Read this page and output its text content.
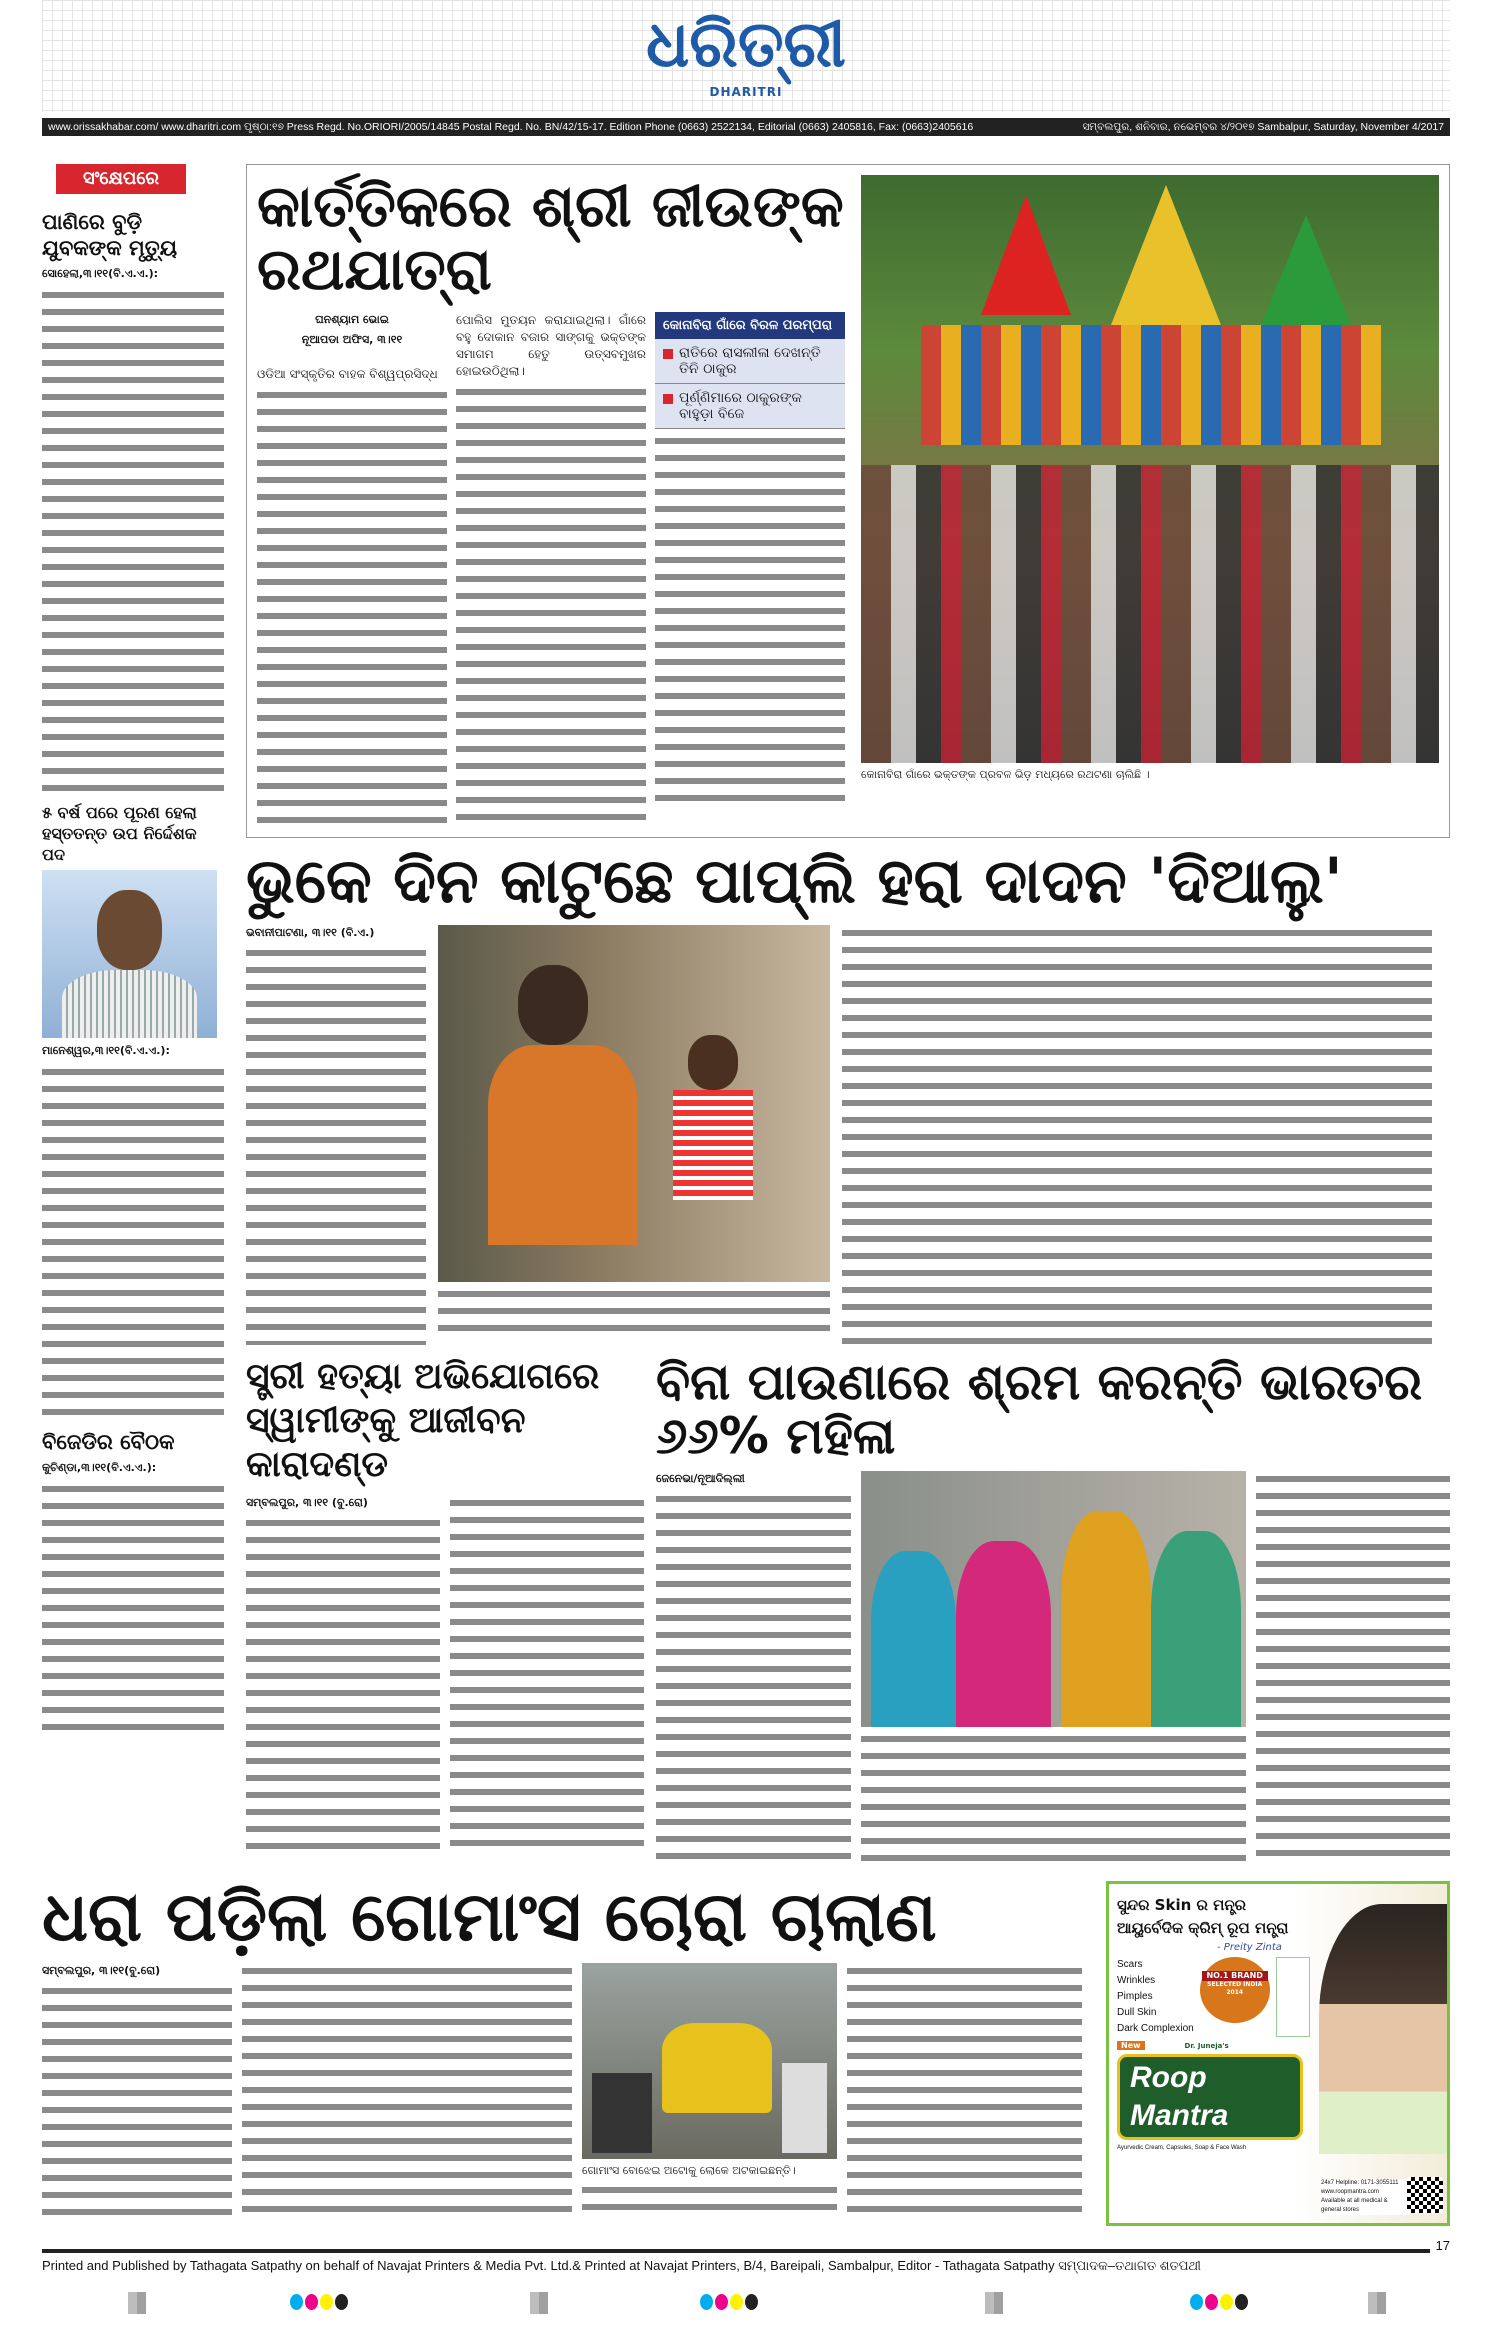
ଧରିତ୍ରୀ
DHARITRI
www.orissakhabar.com/ www.dharitri.com ପୃଷ୍ଠା:୧୭ Press Regd. No.ORIORI/2005/14845 Postal Regd. No. BN/42/15-17. Edition Phone (0663) 2522134, Editorial (0663) 2405816, Fax: (0663)2405616	ସମ୍ବଲପୁର, ଶନିବାର, ନଭେମ୍ବର ୪/୨୦୧୭ Sambalpur, Saturday, November 4/2017
ସଂକ୍ଷେପରେ
ପାଣିରେ ବୁଡ଼ି ଯୁବକଙ୍କ ମୃତ୍ୟୁ
ସୋହେଲା,୩।୧୧(ବି.ଏ.ଏ.):
୫ ବର୍ଷ ପରେ ପୂରଣ ହେଲା ହସ୍ତତନ୍ତ ଉପ ନିର୍ଦ୍ଦେଶକ ପଦ
ମାନେଶ୍ୱର,୩।୧୧(ବି.ଏ.ଏ.):
ବିଜେଡିର ବୈଠକ
କୁଚିଣ୍ଡା,୩।୧୧(ବି.ଏ.ଏ.):
କାର୍ତ୍ତିକରେ ଶ୍ରୀ ଜୀଉଙ୍କ ରଥଯାତ୍ରା
ଘନଶ୍ୟାମ ଭୋଇ
ନୂଆପଡା ଅଫିସ, ୩।୧୧
ଓଡିଆ ସଂସ୍କୃତିର ବାହକ ବିଶ୍ୱପ୍ରସିଦ୍ଧ
ପୋଲିସ ମୁତୟନ କରାଯାଇଥିଲା। ଗାଁରେ ବହୁ ଦୋକାନ ବଜାର ସାଙ୍ଗକୁ ଭକ୍ତଙ୍କ ସମାଗମ ହେତୁ ଉତ୍ସବମୁଖର ହୋଇଉଠିଥିଲା।
କୋନାବିରା ଗାଁରେ ବିରଳ ପରମ୍ପରା
ରାତିରେ ରାସଲୀଳା ଦେଖନ୍ତି ତିନି ଠାକୁର
ପୂର୍ଣ୍ଣିମାରେ ଠାକୁରଙ୍କ ବାହୁଡ଼ା ବିଜେ
କୋନାବିରା ଗାଁରେ ଭକ୍ତଙ୍କ ପ୍ରବଳ ଭିଡ଼ ମଧ୍ୟରେ ରଥଟଣା ଚାଲିଛି ।
ଭୁକେ ଦିନ କାଟୁଛେ ପାପ୍‌ଲି ହରା ଦାଦନ 'ଦିଆଲୁ'
ଭବାନୀପାଟଣା, ୩।୧୧ (ବି.ଏ.)
ସ୍ତ୍ରୀ ହତ୍ୟା ଅଭିଯୋଗରେ
ସ୍ୱାମୀଙ୍କୁ ଆଜୀବନ କାରାଦଣ୍ଡ
ସମ୍ବଲପୁର, ୩।୧୧ (ବୁ.ରୋ)
ବିନା ପାଉଣାରେ ଶ୍ରମ କରନ୍ତି ଭାରତର ୬୬% ମହିଳା
ଜେନେଭା/ନୂଆଦିଲ୍ଲୀ
ଧରା ପଡ଼ିଲା ଗୋମାଂସ ଚୋରା ଚାଲାଣ
ସମ୍ବଲପୁର, ୩।୧୧(ବୁ.ରୋ)
ଗୋମାଂସ ବୋଝେଇ ଅଟୋକୁ ଲୋକେ ଅଟକାଇଛନ୍ତି।
ସୁନ୍ଦର Skin ର ମନ୍ତ୍ର
ଆୟୁର୍ବେଦିକ କ୍ରିମ୍ ରୂପ ମନ୍ତ୍ରା
- Preity Zinta
Scars
Wrinkles
Pimples
Dull Skin
Dark Complexion
NO.1 BRAND
SELECTED INDIA 2014
New	Dr. Juneja's
Roop
Mantra
Ayurvedic Cream, Capsules, Soap & Face Wash
24x7 Helpline: 0171-3055111
www.roopmantra.com
Available at all medical & general stores
17
Printed and Published by Tathagata Satpathy on behalf of Navajat Printers & Media Pvt. Ltd.& Printed at Navajat Printers, B/4, Bareipali, Sambalpur, Editor - Tathagata Satpathy ସମ୍ପାଦକ–ତଥାଗତ ଶତପଥୀ
